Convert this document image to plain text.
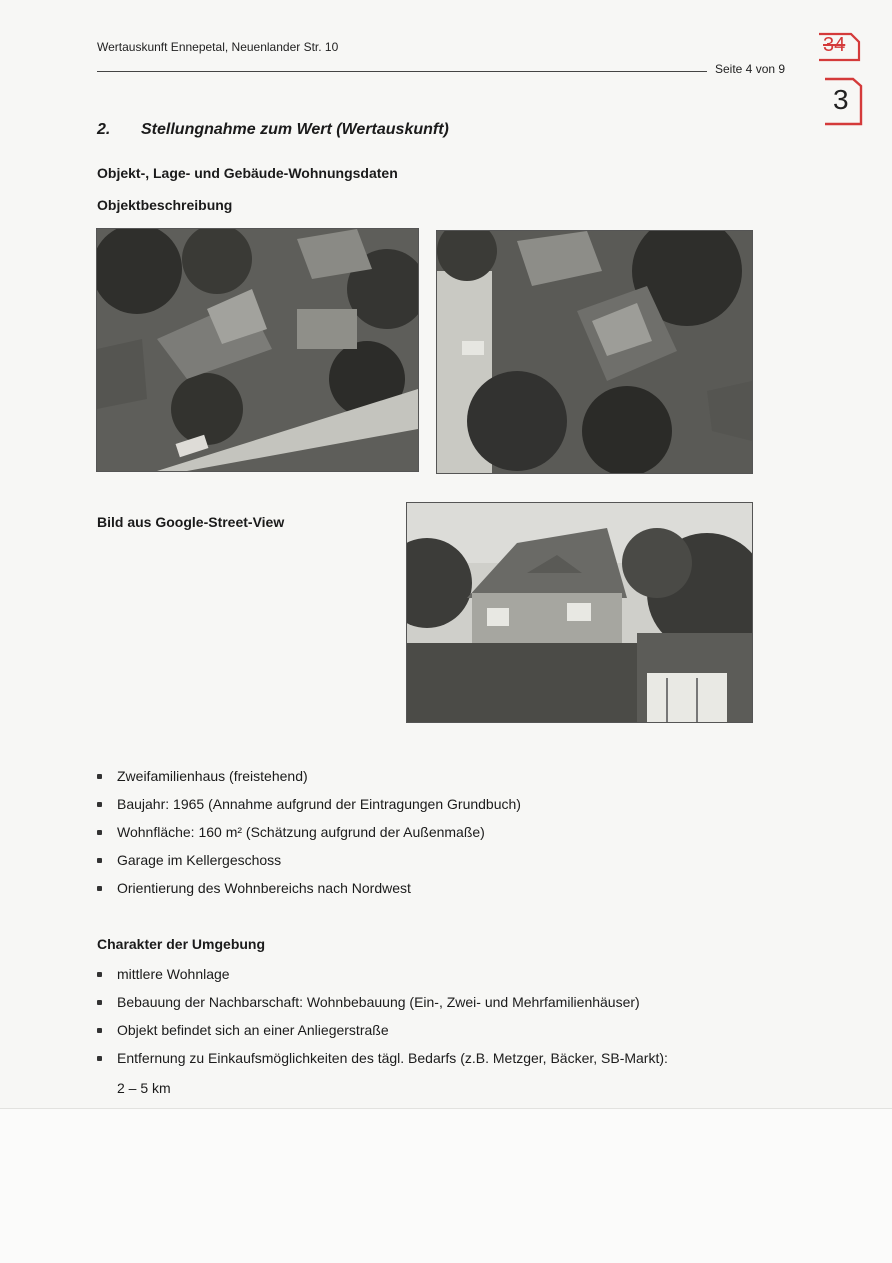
Wertauskunft Ennepetal, Neuenlander Str. 10
Seite 4 von 9
34
3
2. Stellungnahme zum Wert (Wertauskunft)
Objekt-, Lage- und Gebäude-Wohnungsdaten
Objektbeschreibung
Bild aus Google-Street-View
Zweifamilienhaus (freistehend)
Baujahr: 1965 (Annahme aufgrund der Eintragungen Grundbuch)
Wohnfläche: 160 m² (Schätzung aufgrund der Außenmaße)
Garage im Kellergeschoss
Orientierung des Wohnbereichs nach Nordwest
Charakter der Umgebung
mittlere Wohnlage
Bebauung der Nachbarschaft: Wohnbebauung (Ein-, Zwei- und Mehrfamilienhäuser)
Objekt befindet sich an einer Anliegerstraße
Entfernung zu Einkaufsmöglichkeiten des tägl. Bedarfs (z.B. Metzger, Bäcker, SB-Markt):
2 – 5 km
